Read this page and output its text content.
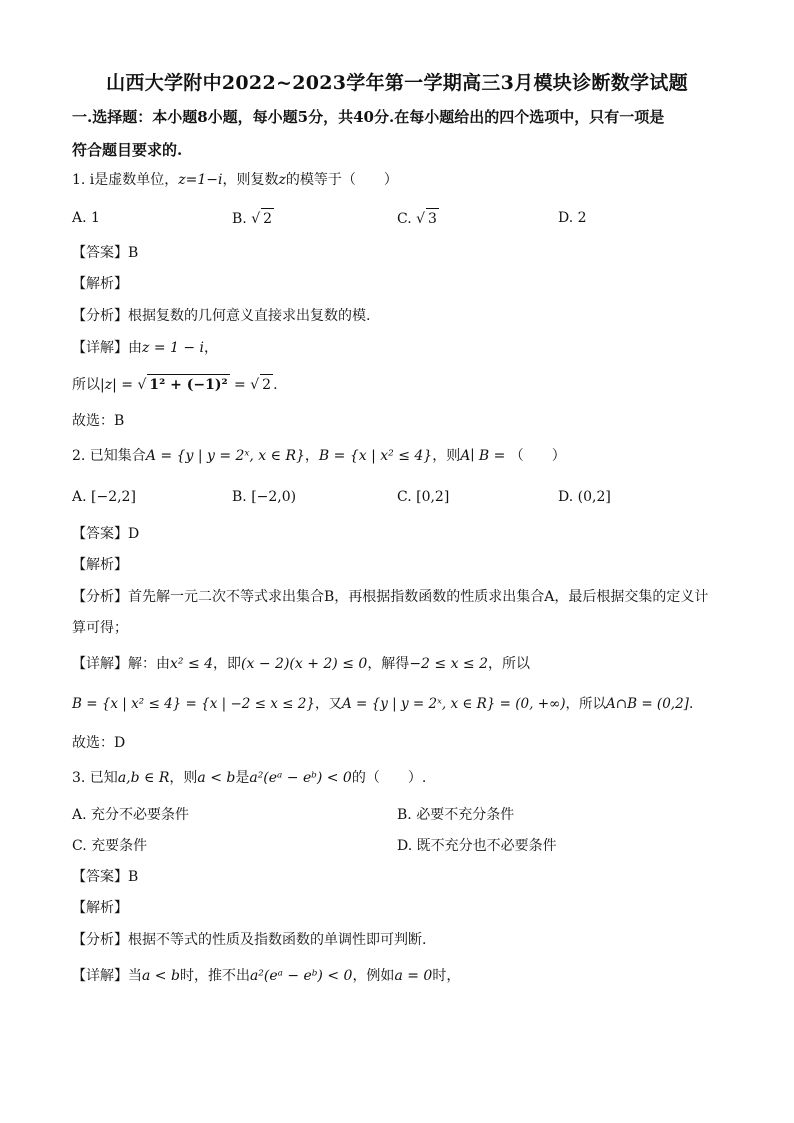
山西大学附中2022~2023学年第一学期高三3月模块诊断数学试题
一.选择题：本小题8小题，每小题5分，共40分.在每小题给出的四个选项中，只有一项是
符合题目要求的.
1. i是虚数单位，z=1−i，则复数z的模等于（　　）
A. 1	B. √ 2	C. √ 3	D. 2
【答案】B
【解析】
【分析】根据复数的几何意义直接求出复数的模.
【详解】由z = 1 − i，
所以|z| = √ 1² + (−1)² = √ 2 .
故选：B
2. 已知集合A = {y | y = 2ˣ, x ∈ R}，B = {x | x² ≤ 4}，则A∣ B = （　　）
A. [−2,2]	B. [−2,0)	C. [0,2]	D. (0,2]
【答案】D
【解析】
【分析】首先解一元二次不等式求出集合B，再根据指数函数的性质求出集合A，最后根据交集的定义计
算可得；
【详解】解：由x² ≤ 4，即(x − 2)(x + 2) ≤ 0，解得−2 ≤ x ≤ 2，所以
B = {x | x² ≤ 4} = {x | −2 ≤ x ≤ 2}，又A = {y | y = 2ˣ, x ∈ R} = (0, +∞)，所以A∩B = (0,2].
故选：D
3. 已知a,b ∈ R，则a < b是a²(eᵃ − eᵇ) < 0的（　　）.
A. 充分不必要条件	B. 必要不充分条件
C. 充要条件	D. 既不充分也不必要条件
【答案】B
【解析】
【分析】根据不等式的性质及指数函数的单调性即可判断.
【详解】当a < b时，推不出a²(eᵃ − eᵇ) < 0，例如a = 0时，
